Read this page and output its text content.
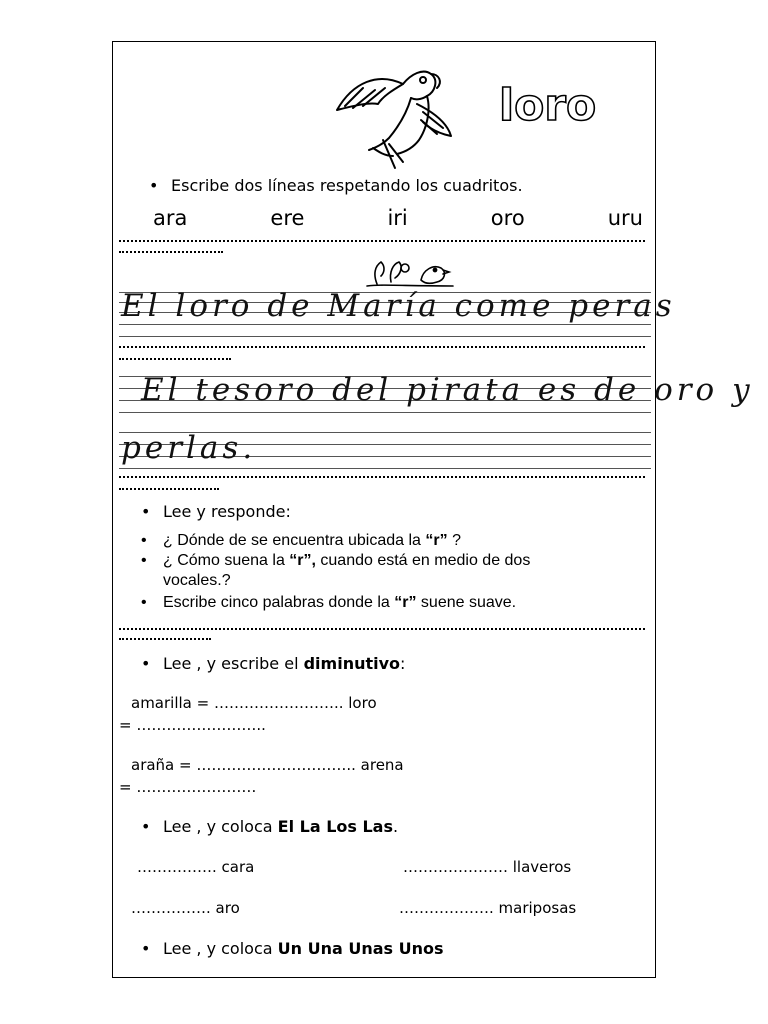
loro
• Escribe dos líneas respetando los cuadritos.
ara	ere	iri	oro	uru
El loro de María come peras
El tesoro del pirata es de oro y
perlas.
• Lee y responde:
• ¿ Dónde de se encuentra ubicada la “r” ?
• ¿ Cómo suena la “r”, cuando está en medio de dos
vocales.?
• Escribe cinco palabras donde la “r” suene suave.
• Lee , y escribe el diminutivo:
amarilla = …………………….. loro
= ……………………..
araña = ………………………….. arena
= ……………………
• Lee , y coloca El La Los Las.
……………. cara	………………… llaveros
……………. aro	………………. mariposas
• Lee , y coloca Un Una Unas Unos
